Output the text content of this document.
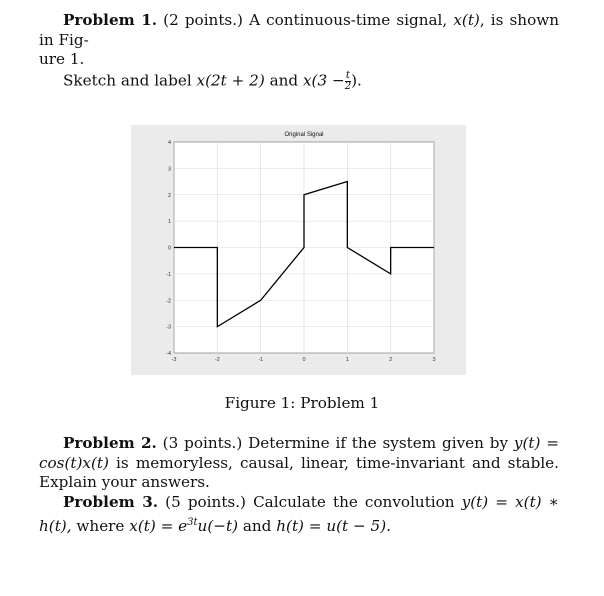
Problem 1. (2 points.) A continuous-time signal, x(t), is shown in Fig-
ure 1.
Sketch and label x(2t + 2) and $x(3 - \frac{t}{2}$ ).
-3	-2	-1	0	1	2	3
-4
-3
-2
-1
0
1
2
3
4
Original Signal
Figure 1: Problem 1
Problem 2. (3 points.) Determine if the system given by y(t) = cos(t)x(t) is memoryless, causal, linear, time-invariant and stable. Explain your answers.
Problem 3. (5 points.) Calculate the convolution y(t) = x(t) ∗ h(t), where $x(t) = e^{3t}u(-t)$ and h(t) = u(t − 5).
